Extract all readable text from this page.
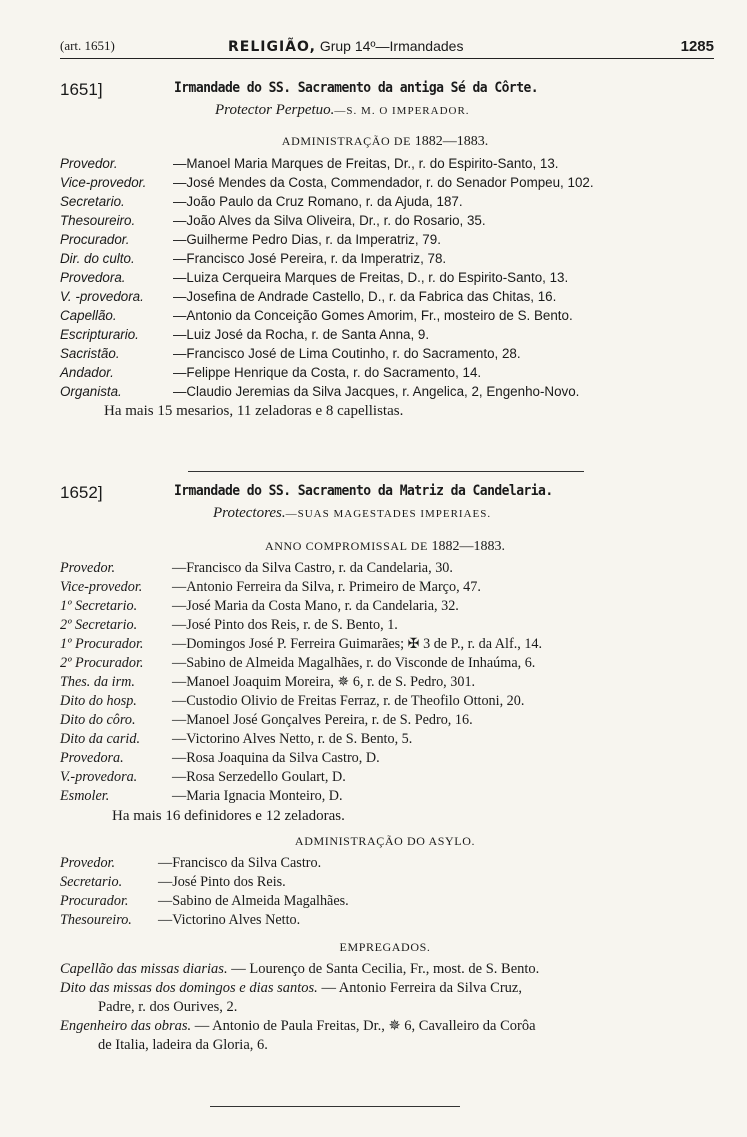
(art. 1651)	RELIGIÃO, Grup 14º—Irmandades	1285
1651]	Irmandade do SS. Sacramento da antiga Sé da Côrte.
Protector Perpetuo.—S. M. O IMPERADOR.
ADMINISTRAÇÃO DE 1882—1883.
Provedor.	—Manoel Maria Marques de Freitas, Dr., r. do Espirito-Santo, 13.
Vice-provedor.	—José Mendes da Costa, Commendador, r. do Senador Pompeu, 102.
Secretario.	—João Paulo da Cruz Romano, r. da Ajuda, 187.
Thesoureiro.	—João Alves da Silva Oliveira, Dr., r. do Rosario, 35.
Procurador.	—Guilherme Pedro Dias, r. da Imperatriz, 79.
Dir. do culto.	—Francisco José Pereira, r. da Imperatriz, 78.
Provedora.	—Luiza Cerqueira Marques de Freitas, D., r. do Espirito-Santo, 13.
V. -provedora.	—Josefina de Andrade Castello, D., r. da Fabrica das Chitas, 16.
Capellão.	—Antonio da Conceição Gomes Amorim, Fr., mosteiro de S. Bento.
Escripturario.	—Luiz José da Rocha, r. de Santa Anna, 9.
Sacristão.	—Francisco José de Lima Coutinho, r. do Sacramento, 28.
Andador.	—Felippe Henrique da Costa, r. do Sacramento, 14.
Organista.	—Claudio Jeremias da Silva Jacques, r. Angelica, 2, Engenho-Novo.
Ha mais 15 mesarios, 11 zeladoras e 8 capellistas.
1652]	Irmandade do SS. Sacramento da Matriz da Candelaria.
Protectores.—SUAS MAGESTADES IMPERIAES.
ANNO COMPROMISSAL DE 1882—1883.
Provedor.	—Francisco da Silva Castro, r. da Candelaria, 30.
Vice-provedor.	—Antonio Ferreira da Silva, r. Primeiro de Março, 47.
1º Secretario.	—José Maria da Costa Mano, r. da Candelaria, 32.
2º Secretario.	—José Pinto dos Reis, r. de S. Bento, 1.
1º Procurador.	—Domingos José P. Ferreira Guimarães; ✠ 3 de P., r. da Alf., 14.
2º Procurador.	—Sabino de Almeida Magalhães, r. do Visconde de Inhaúma, 6.
Thes. da irm.	—Manoel Joaquim Moreira, ✵ 6, r. de S. Pedro, 301.
Dito do hosp.	—Custodio Olivio de Freitas Ferraz, r. de Theofilo Ottoni, 20.
Dito do côro.	—Manoel José Gonçalves Pereira, r. de S. Pedro, 16.
Dito da carid.	—Victorino Alves Netto, r. de S. Bento, 5.
Provedora.	—Rosa Joaquina da Silva Castro, D.
V.-provedora.	—Rosa Serzedello Goulart, D.
Esmoler.	—Maria Ignacia Monteiro, D.
Ha mais 16 definidores e 12 zeladoras.
ADMINISTRAÇÃO DO ASYLO.
Provedor.	—Francisco da Silva Castro.
Secretario.	—José Pinto dos Reis.
Procurador.	—Sabino de Almeida Magalhães.
Thesoureiro.	—Victorino Alves Netto.
EMPREGADOS.
Capellão das missas diarias. — Lourenço de Santa Cecilia, Fr., most. de S. Bento.
Dito das missas dos domingos e dias santos. — Antonio Ferreira da Silva Cruz,
Padre, r. dos Ourives, 2.
Engenheiro das obras. — Antonio de Paula Freitas, Dr., ✵ 6, Cavalleiro da Corôa
de Italia, ladeira da Gloria, 6.
